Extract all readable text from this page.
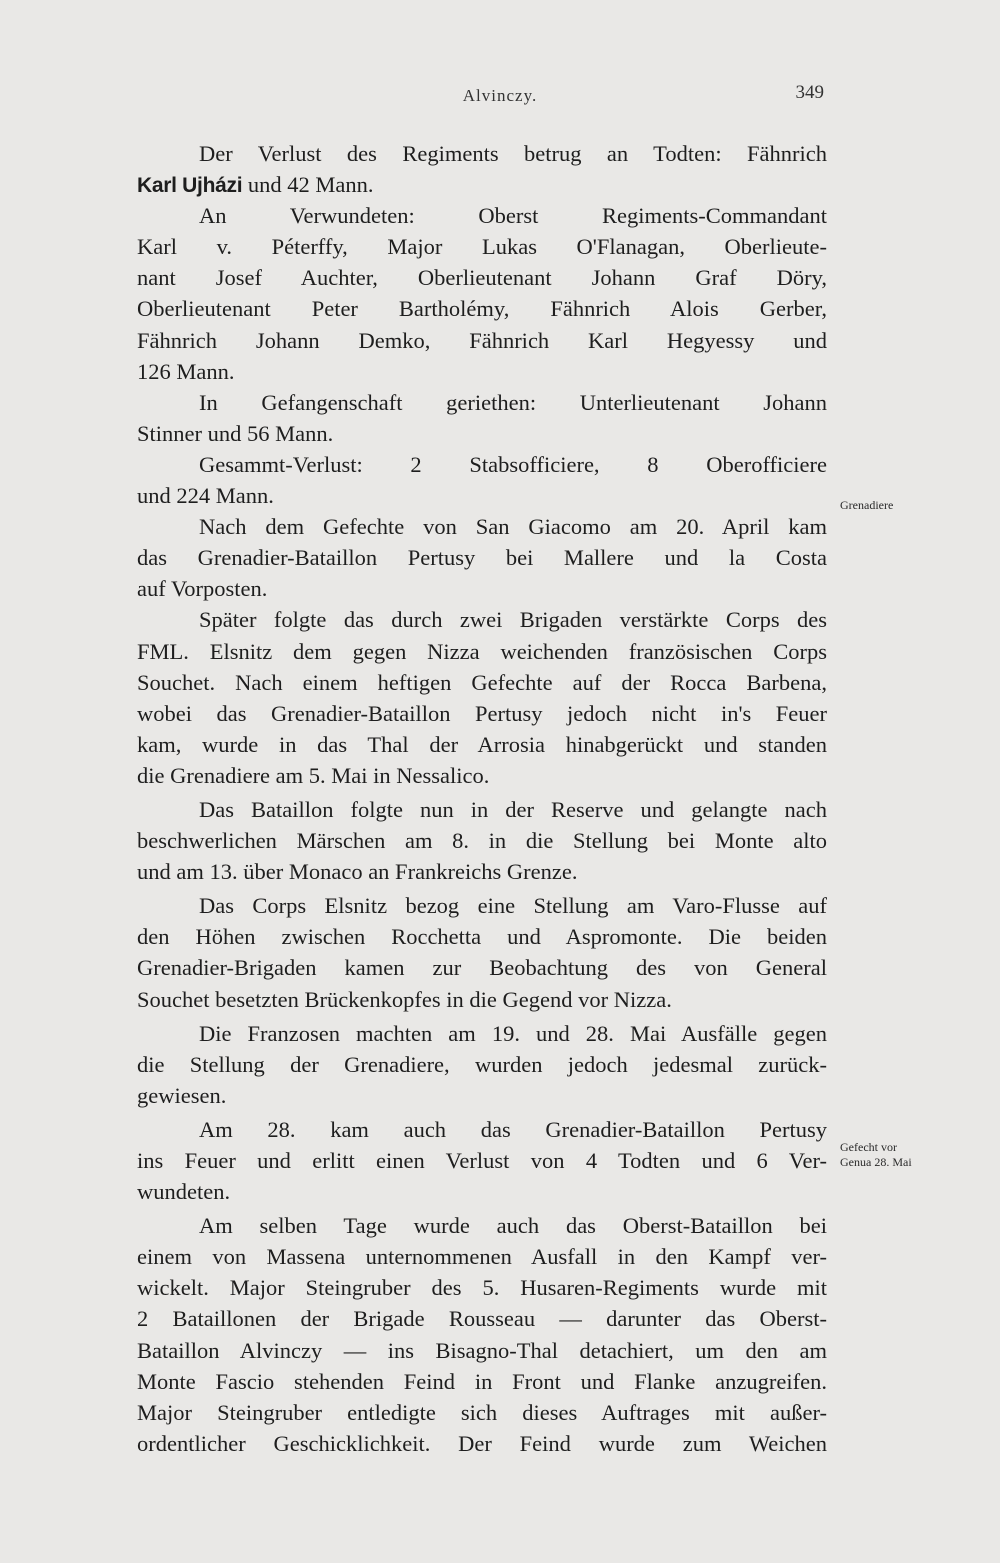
Alvinczy.	349
Grenadiere
Gefecht vor
Genua 28. Mai
Der Verlust des Regiments betrug an Todten: Fähnrich
Karl Ujházi und 42 Mann.
An Verwundeten: Oberst Regiments-Commandant
Karl v. Péterffy, Major Lukas O'Flanagan, Oberlieute-
nant Josef Auchter, Oberlieutenant Johann Graf Döry,
Oberlieutenant Peter Bartholémy, Fähnrich Alois Gerber,
Fähnrich Johann Demko, Fähnrich Karl Hegyessy und
126 Mann.
In Gefangenschaft geriethen: Unterlieutenant Johann
Stinner und 56 Mann.
Gesammt-Verlust: 2 Stabsofficiere, 8 Oberofficiere
und 224 Mann.
Nach dem Gefechte von San Giacomo am 20. April kam
das Grenadier-Bataillon Pertusy bei Mallere und la Costa
auf Vorposten.
Später folgte das durch zwei Brigaden verstärkte Corps des
FML. Elsnitz dem gegen Nizza weichenden französischen Corps
Souchet. Nach einem heftigen Gefechte auf der Rocca Barbena,
wobei das Grenadier-Bataillon Pertusy jedoch nicht in's Feuer
kam, wurde in das Thal der Arrosia hinabgerückt und standen
die Grenadiere am 5. Mai in Nessalico.
Das Bataillon folgte nun in der Reserve und gelangte nach
beschwerlichen Märschen am 8. in die Stellung bei Monte alto
und am 13. über Monaco an Frankreichs Grenze.
Das Corps Elsnitz bezog eine Stellung am Varo-Flusse auf
den Höhen zwischen Rocchetta und Aspromonte. Die beiden
Grenadier-Brigaden kamen zur Beobachtung des von General
Souchet besetzten Brückenkopfes in die Gegend vor Nizza.
Die Franzosen machten am 19. und 28. Mai Ausfälle gegen
die Stellung der Grenadiere, wurden jedoch jedesmal zurück-
gewiesen.
Am 28. kam auch das Grenadier-Bataillon Pertusy
ins Feuer und erlitt einen Verlust von 4 Todten und 6 Ver-
wundeten.
Am selben Tage wurde auch das Oberst-Bataillon bei
einem von Massena unternommenen Ausfall in den Kampf ver-
wickelt. Major Steingruber des 5. Husaren-Regiments wurde mit
2 Bataillonen der Brigade Rousseau — darunter das Oberst-
Bataillon Alvinczy — ins Bisagno-Thal detachiert, um den am
Monte Fascio stehenden Feind in Front und Flanke anzugreifen.
Major Steingruber entledigte sich dieses Auftrages mit außer-
ordentlicher Geschicklichkeit. Der Feind wurde zum Weichen
